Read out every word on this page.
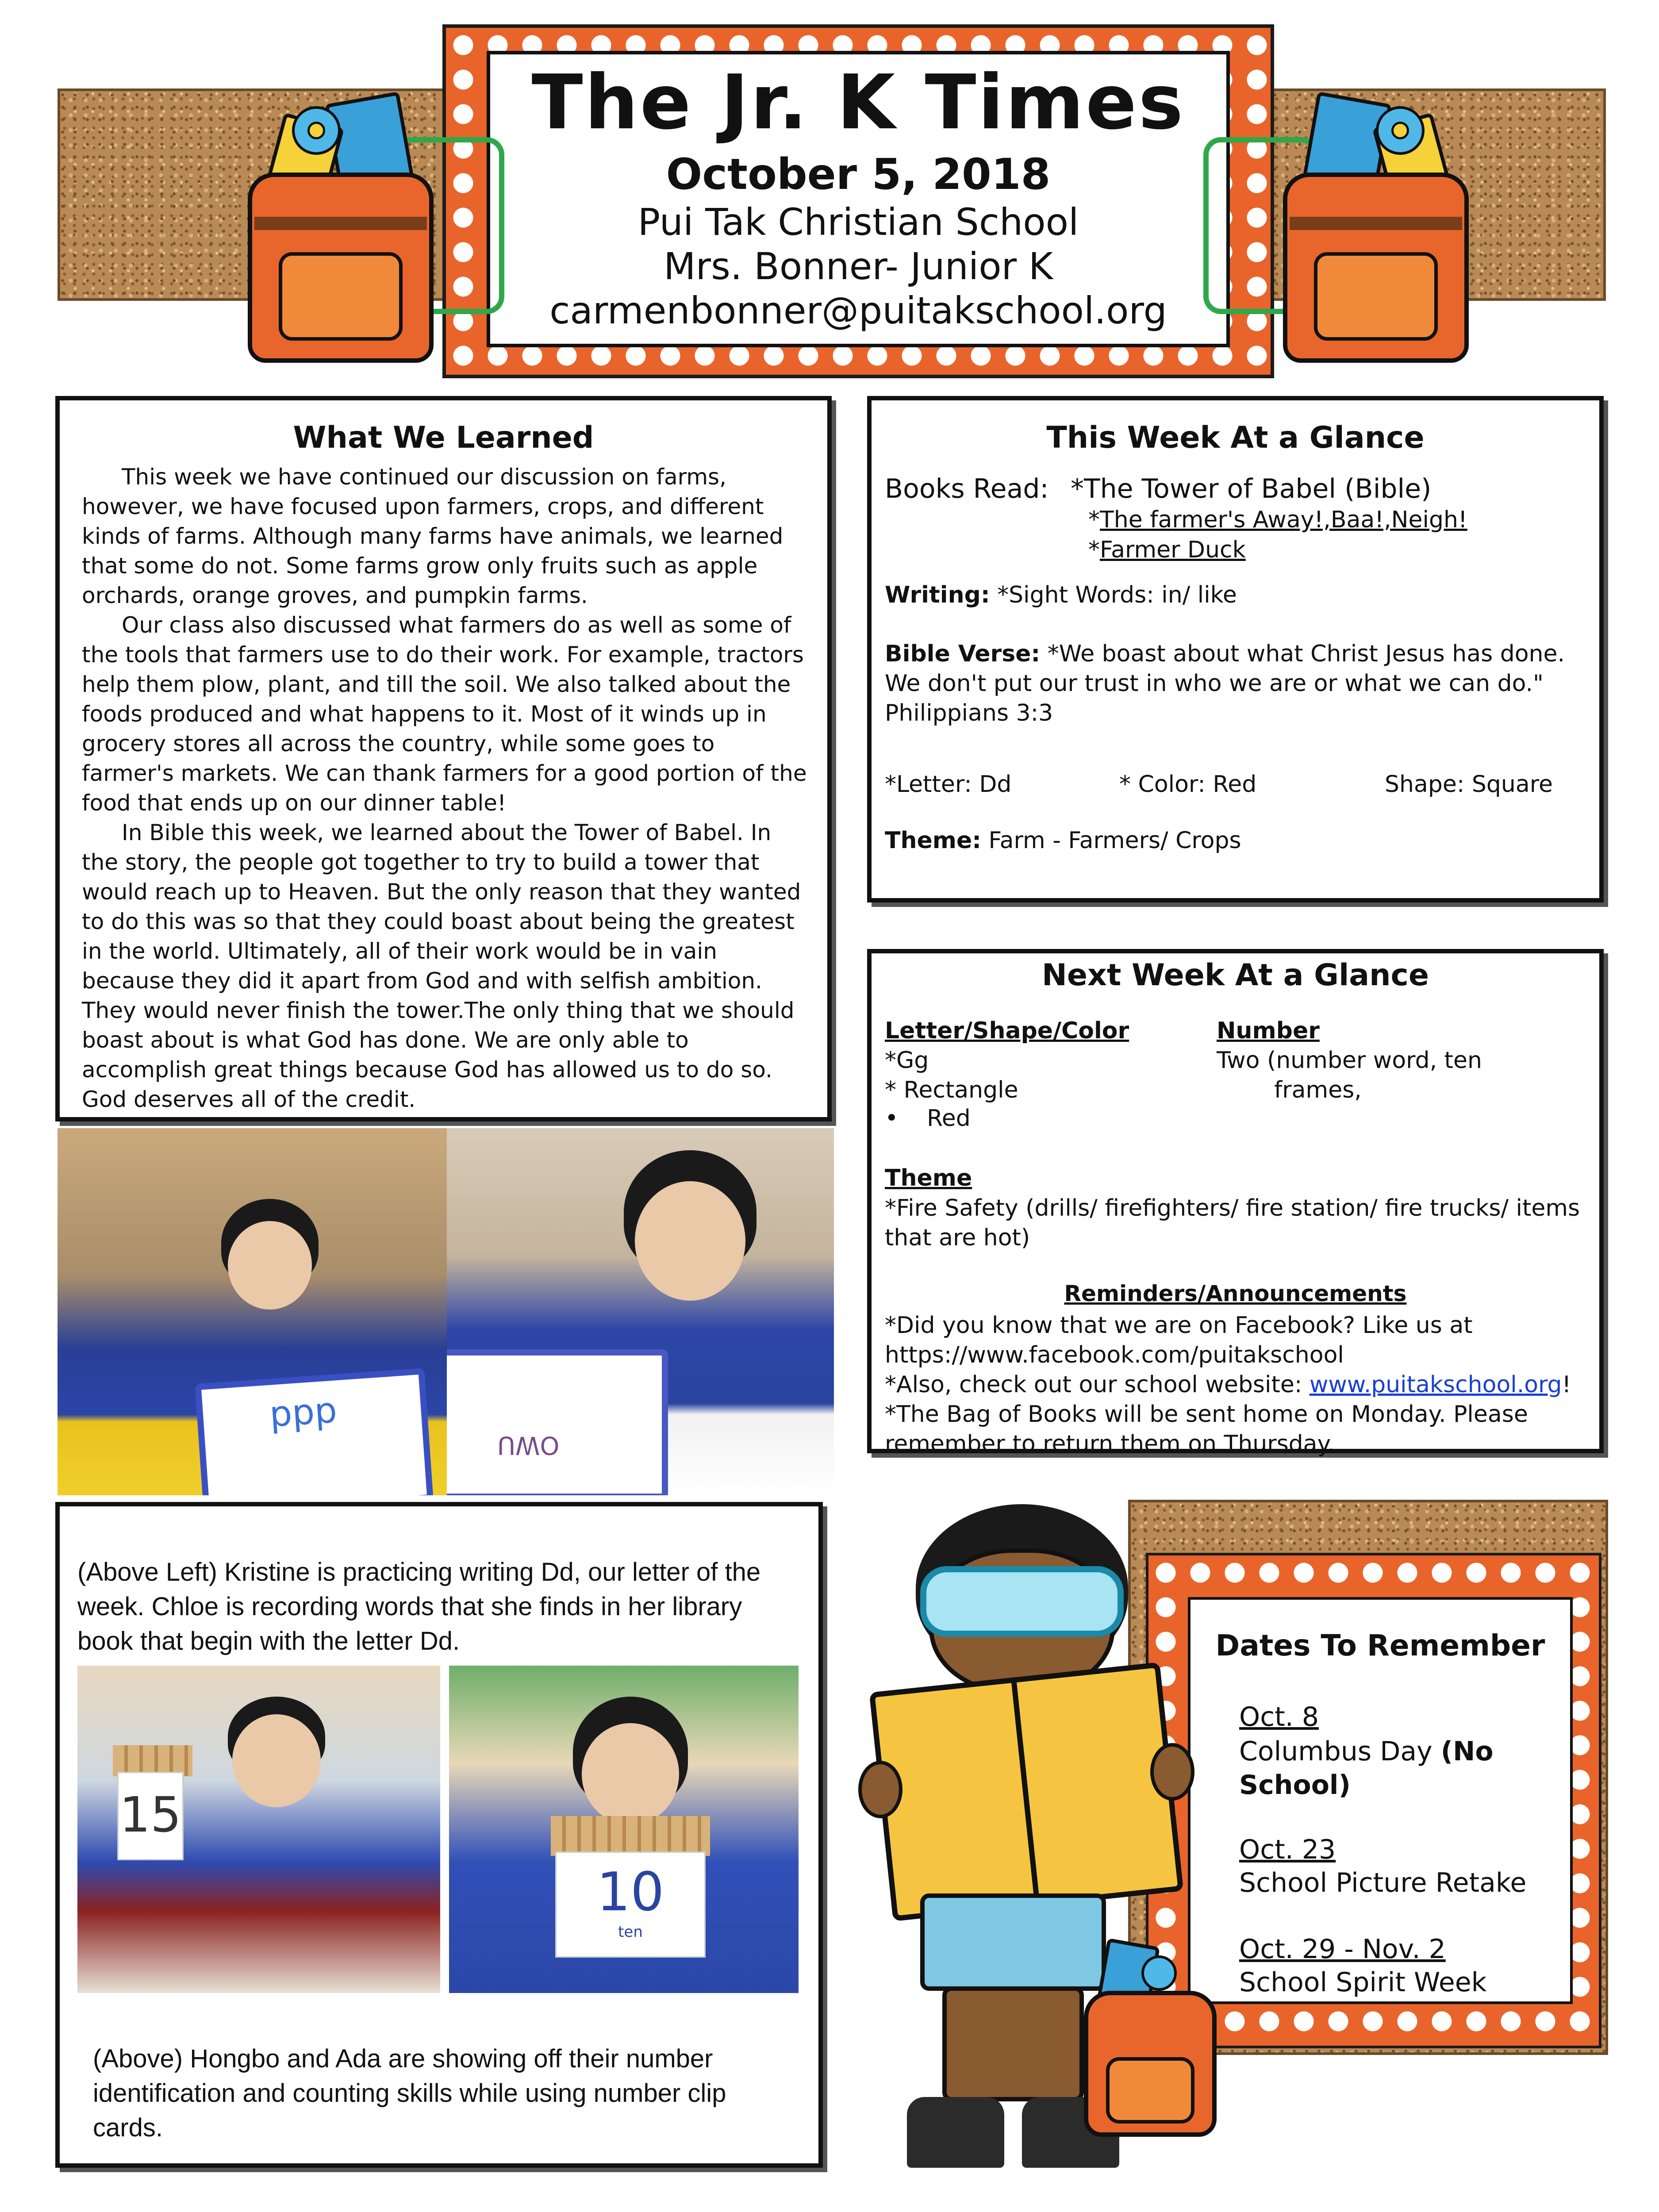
The Jr. K Times
October 5, 2018
Pui Tak Christian School
Mrs. Bonner- Junior K
carmenbonner@puitakschool.org
What We Learned
This week we have continued our discussion on farms, however, we have focused upon farmers, crops, and different kinds of farms. Although many farms have animals, we learned that some do not. Some farms grow only fruits such as apple orchards, orange groves, and pumpkin farms.
Our class also discussed what farmers do as well as some of the tools that farmers use to do their work. For example, tractors help them plow, plant, and till the soil. We also talked about the foods produced and what happens to it. Most of it winds up in grocery stores all across the country, while some goes to farmer's markets. We can thank farmers for a good portion of the food that ends up on our dinner table!
In Bible this week, we learned about the Tower of Babel. In the story, the people got together to try to build a tower that would reach up to Heaven. But the only reason that they wanted to do this was so that they could boast about being the greatest in the world. Ultimately, all of their work would be in vain because they did it apart from God and with selfish ambition. They would never finish the tower.The only thing that we should boast about is what God has done. We are only able to accomplish great things because God has allowed us to do so. God deserves all of the credit.
ppp
OWU
This Week At a Glance
Books Read: *The Tower of Babel (Bible)
*The farmer's Away!,Baa!,Neigh!
*Farmer Duck
Writing: *Sight Words: in/ like
Bible Verse: *We boast about what Christ Jesus has done. We don't put our trust in who we are or what we can do." Philippians 3:3
*Letter: Dd	* Color: Red	Shape: Square
Theme: Farm - Farmers/ Crops
Next Week At a Glance
Letter/Shape/Color
*Gg
* Rectangle
• Red
Number
Two (number word, ten
frames,
Theme
*Fire Safety (drills/ firefighters/ fire station/ fire trucks/ items that are hot)
Reminders/Announcements
*Did you know that we are on Facebook? Like us at https://www.facebook.com/puitakschool
*Also, check out our school website: www.puitakschool.org!
*The Bag of Books will be sent home on Monday. Please remember to return them on Thursday.
(Above Left) Kristine is practicing writing Dd, our letter of the week. Chloe is recording words that she finds in her library book that begin with the letter Dd.
15
10
ten
(Above) Hongbo and Ada are showing off their number identification and counting skills while using number clip cards.
Dates To Remember
Oct. 8
Columbus Day (No School)
Oct. 23
School Picture Retake
Oct. 29 - Nov. 2
School Spirit Week
